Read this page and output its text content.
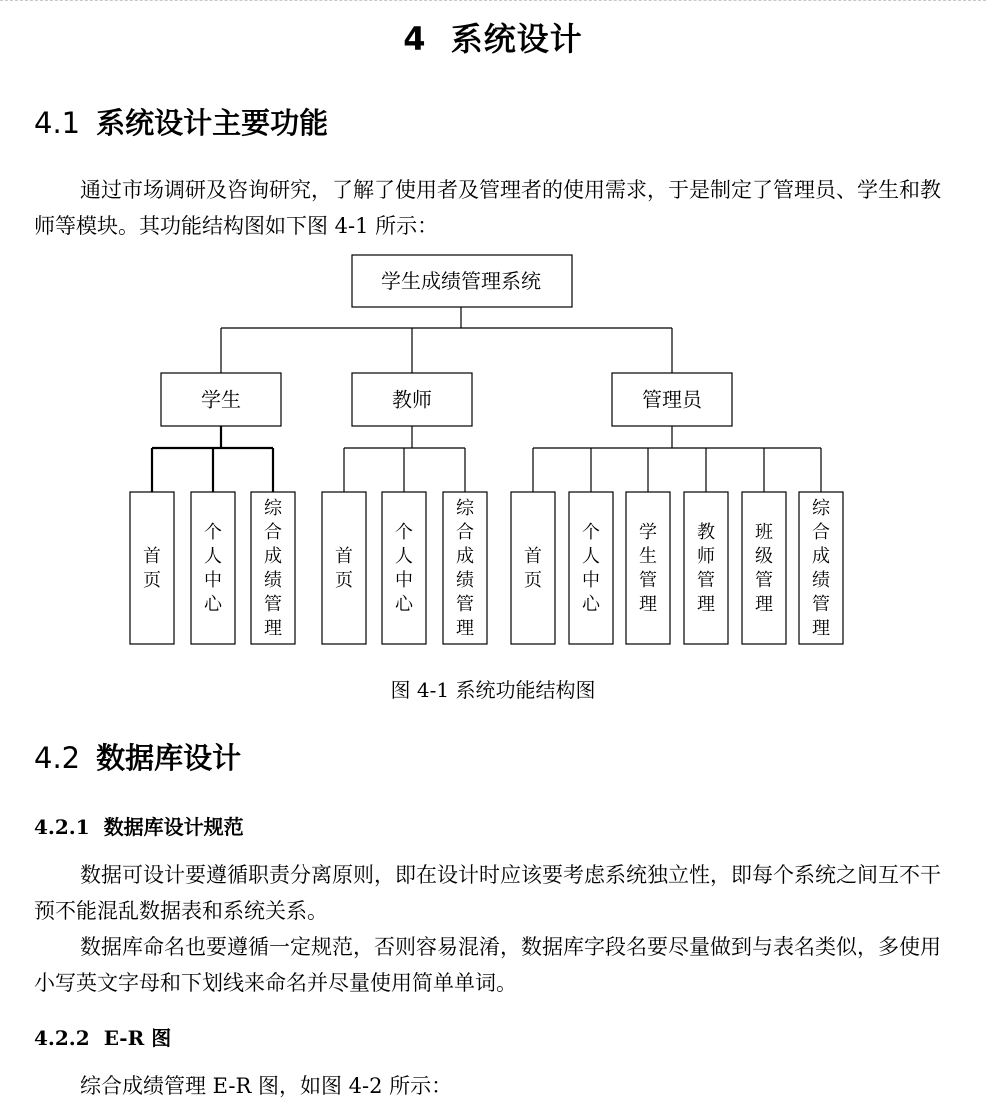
4 系统设计
4.1 系统设计主要功能
通过市场调研及咨询研究，了解了使用者及管理者的使用需求，于是制定了管理员、学生和教师等模块。其功能结构图如下图 4-1 所示：
学生成绩管理系统
学生
首页
个人中心
综合成绩管理
教师
首页
个人中心
综合成绩管理
管理员
首页
个人中心
学生管理
教师管理
班级管理
综合成绩管理
图 4-1 系统功能结构图
4.2 数据库设计
4.2.1 数据库设计规范
数据可设计要遵循职责分离原则，即在设计时应该要考虑系统独立性，即每个系统之间互不干预不能混乱数据表和系统关系。
数据库命名也要遵循一定规范，否则容易混淆，数据库字段名要尽量做到与表名类似，多使用小写英文字母和下划线来命名并尽量使用简单单词。
4.2.2 E-R 图
综合成绩管理 E-R 图，如图 4-2 所示：
